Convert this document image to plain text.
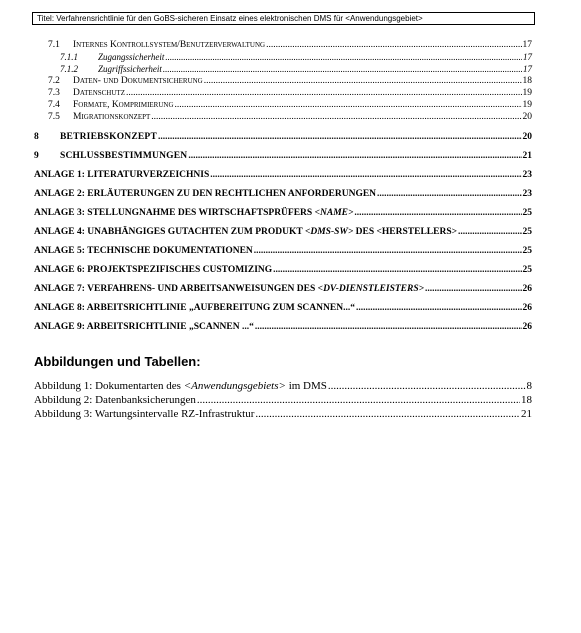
Titel: Verfahrensrichtlinie für den GoBS-sicheren Einsatz eines elektronischen DMS für <Anwendungsgebiet>
7.1	Internes Kontrollsystem/Benutzerverwaltung .....	17
7.1.1	Zugangssicherheit .....	17
7.1.2	Zugriffssicherheit .....	17
7.2	Daten- und Dokumentsicherung .....	18
7.3	Datenschutz .....	19
7.4	Formate, Komprimierung .....	19
7.5	Migrationskonzept .....	20
8	BETRIEBSKONZEPT .....	20
9	SCHLUSSBESTIMMUNGEN .....	21
ANLAGE 1: LITERATURVERZEICHNIS .....	23
ANLAGE 2: ERLÄUTERUNGEN ZU DEN RECHTLICHEN ANFORDERUNGEN .....	23
ANLAGE 3: STELLUNGNAHME DES WIRTSCHAFTSPRÜFERS <NAME> .....	25
ANLAGE 4: UNABHÄNGIGES GUTACHTEN ZUM PRODUKT <DMS-SW> DES <HERSTELLERS> .....	25
ANLAGE 5: TECHNISCHE DOKUMENTATIONEN .....	25
ANLAGE 6: PROJEKTSPEZIFISCHES CUSTOMIZING .....	25
ANLAGE 7: VERFAHRENS- UND ARBEITSANWEISUNGEN DES <DV-DIENSTLEISTERS> .....	26
ANLAGE 8: ARBEITSRICHTLINIE „AUFBEREITUNG ZUM SCANNEN...“ .....	26
ANLAGE 9: ARBEITSRICHTLINIE „SCANNEN ...“ .....	26
Abbildungen und Tabellen:
Abbildung 1: Dokumentarten des <Anwendungsgebiets> im DMS .....	8
Abbildung 2: Datenbanksicherungen .....	18
Abbildung 3: Wartungsintervalle RZ-Infrastruktur .....	21
